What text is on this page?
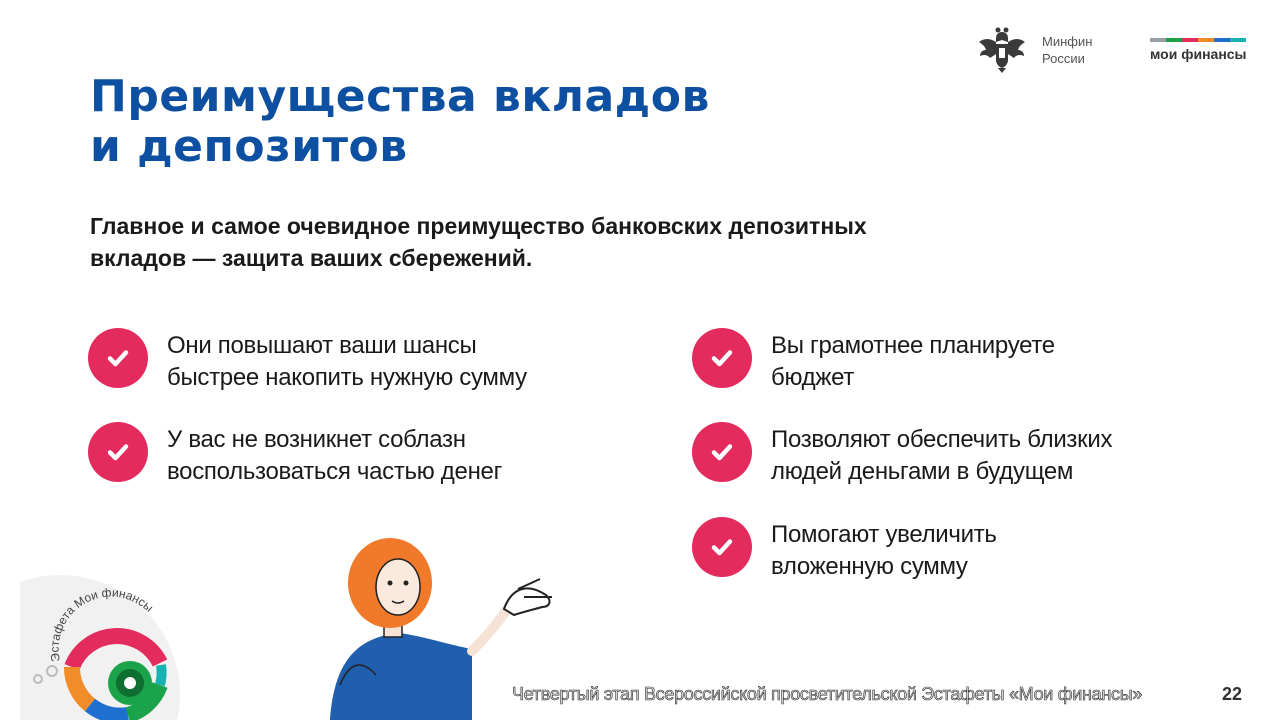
Минфин
России	мои финансы
Преимущества вкладов
и депозитов

Главное и самое очевидное преимущество банковских депозитных
вкладов — защита ваших сбережений.

Они повышают ваши шансы
быстрее накопить нужную сумму
У вас не возникнет соблазн
воспользоваться частью денег
Вы грамотнее планируете
бюджет
Позволяют обеспечить близких
людей деньгами в будущем
Помогают увеличить
вложенную сумму
Эстафета Мои финансы
Четвертый этап Всероссийской просветительской Эстафеты «Мои финансы»	22
